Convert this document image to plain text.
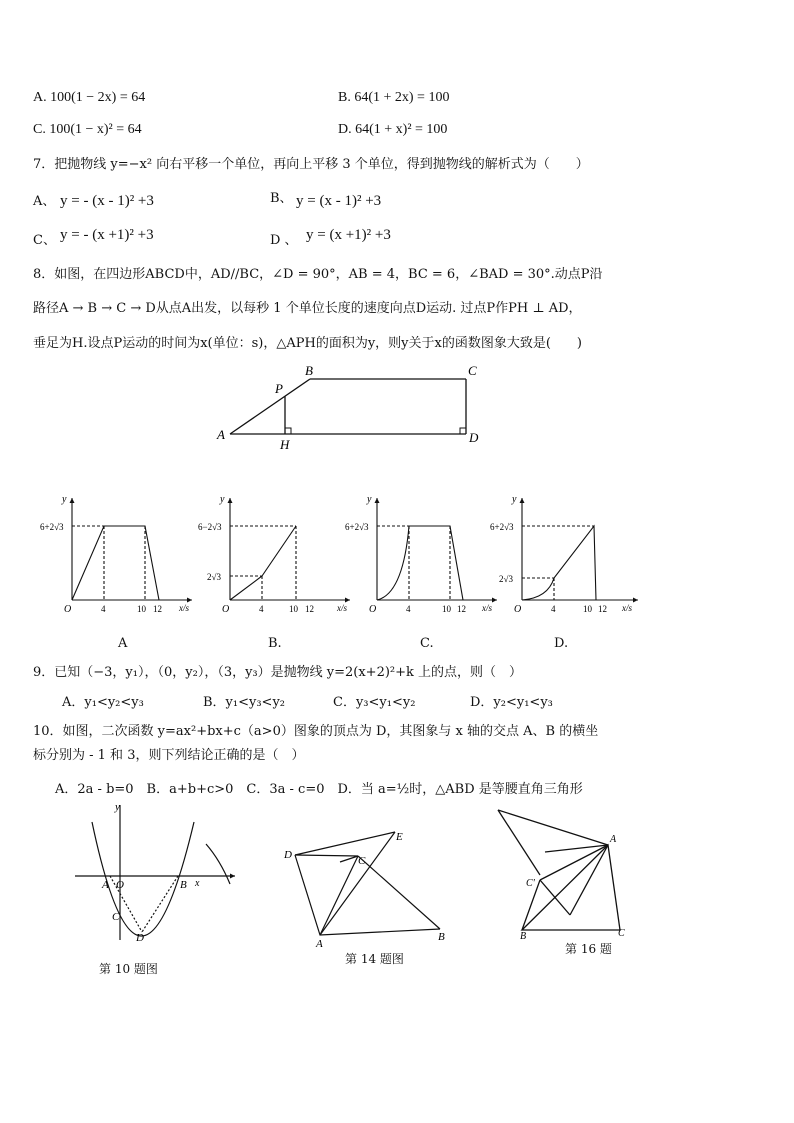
A. 100(1 − 2x) = 64	B. 64(1 + 2x) = 100
C. 100(1 − x)² = 64	D. 64(1 + x)² = 100
7．把抛物线 y=−x² 向右平移一个单位，再向上平移 3 个单位，得到抛物线的解析式为（　　）
A、 y = - (x - 1)² +3	B、 y = (x - 1)² +3
C、 y = - (x +1)² +3	D 、 y = (x +1)² +3
8．如图，在四边形ABCD中，AD//BC，∠D = 90°，AB = 4，BC = 6，∠BAD = 30°.动点P沿
路径A → B → C → D从点A出发，以每秒 1 个单位长度的速度向点D运动. 过点P作PH ⊥ AD，
垂足为H.设点P运动的时间为x(单位：s)，△APH的面积为y，则y关于x的函数图象大致是(　　)
A
B	C
D
P
H
y
6+2√3
O	4	10 12 x/s
y
6−2√3
2√3
O	4	10 12	x/s
y
6+2√3
O	4	10 12 x/s
y
6+2√3
2√3
O	4	10 12 x/s
A	B.	C.	D.
9．已知（−3，y₁），（0，y₂），（3，y₃）是抛物线 y=2(x+2)²+k 上的点，则（　）
A．y₁<y₂<y₃	B．y₁<y₃<y₂	C．y₃<y₁<y₂	D．y₂<y₁<y₃
10．如图，二次函数 y=ax²+bx+c（a>0）图象的顶点为 D，其图象与 x 轴的交点 A、B 的横坐
标分别为 - 1 和 3，则下列结论正确的是（　）
A．2a - b=0　B．a+b+c>0　C．3a - c=0　D．当 a=½时，△ABD 是等腰直角三角形
y
A O	B x
C
D
第 10 题图
D
E
C
A
B
第 14 题图
A
B	C
C'
第 16 题
